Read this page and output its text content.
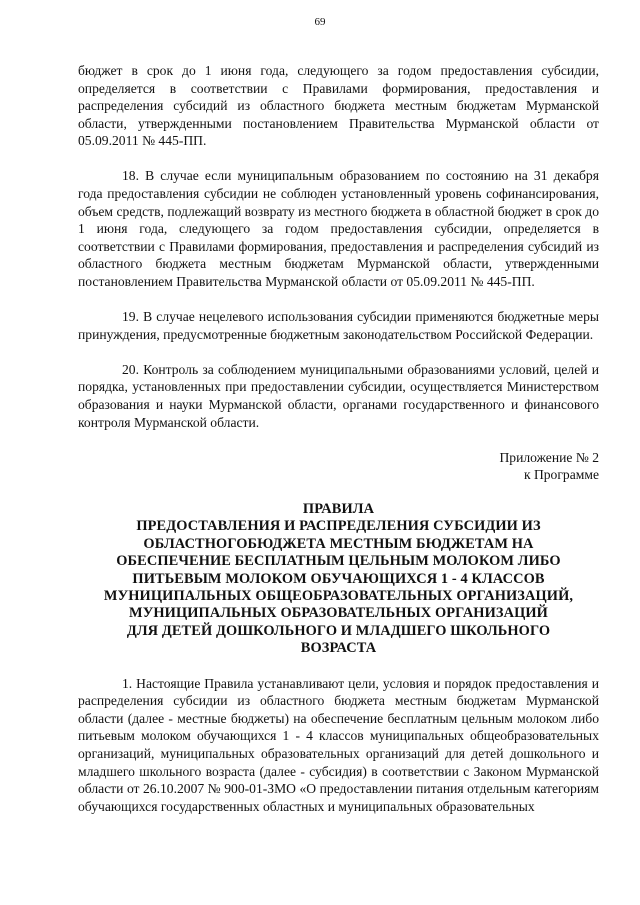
69

бюджет в срок до 1 июня года, следующего за годом предоставления субсидии, определяется в соответствии с Правилами формирования, предоставления и распределения субсидий из областного бюджета местным бюджетам Мурманской области, утвержденными постановлением Правительства Мурманской области от 05.09.2011 № 445-ПП.

18. В случае если муниципальным образованием по состоянию на 31 декабря года предоставления субсидии не соблюден установленный уровень софинансирования, объем средств, подлежащий возврату из местного бюджета в областной бюджет в срок до 1 июня года, следующего за годом предоставления субсидии, определяется в соответствии с Правилами формирования, предоставления и распределения субсидий из областного бюджета местным бюджетам Мурманской области, утвержденными постановлением Правительства Мурманской области от 05.09.2011 № 445-ПП.

19. В случае нецелевого использования субсидии применяются бюджетные меры принуждения, предусмотренные бюджетным законодательством Российской Федерации.

20. Контроль за соблюдением муниципальными образованиями условий, целей и порядка, установленных при предоставлении субсидии, осуществляется Министерством образования и науки Мурманской области, органами государственного и финансового контроля Мурманской области.

Приложение № 2

к Программе

ПРАВИЛА

ПРЕДОСТАВЛЕНИЯ И РАСПРЕДЕЛЕНИЯ СУБСИДИИ ИЗ

ОБЛАСТНОГОБЮДЖЕТА МЕСТНЫМ БЮДЖЕТАМ НА

ОБЕСПЕЧЕНИЕ БЕСПЛАТНЫМ ЦЕЛЬНЫМ МОЛОКОМ ЛИБО

ПИТЬЕВЫМ МОЛОКОМ ОБУЧАЮЩИХСЯ 1 - 4 КЛАССОВ

МУНИЦИПАЛЬНЫХ ОБЩЕОБРАЗОВАТЕЛЬНЫХ ОРГАНИЗАЦИЙ,

МУНИЦИПАЛЬНЫХ ОБРАЗОВАТЕЛЬНЫХ ОРГАНИЗАЦИЙ

ДЛЯ ДЕТЕЙ ДОШКОЛЬНОГО И МЛАДШЕГО ШКОЛЬНОГО

ВОЗРАСТА

1. Настоящие Правила устанавливают цели, условия и порядок предоставления и распределения субсидии из областного бюджета местным бюджетам Мурманской области (далее - местные бюджеты) на обеспечение бесплатным цельным молоком либо питьевым молоком обучающихся 1 - 4 классов муниципальных общеобразовательных организаций, муниципальных образовательных организаций для детей дошкольного и младшего школьного возраста (далее - субсидия) в соответствии с Законом Мурманской области от 26.10.2007 № 900-01-ЗМО «О предоставлении питания отдельным категориям обучающихся государственных областных и муниципальных образовательных
